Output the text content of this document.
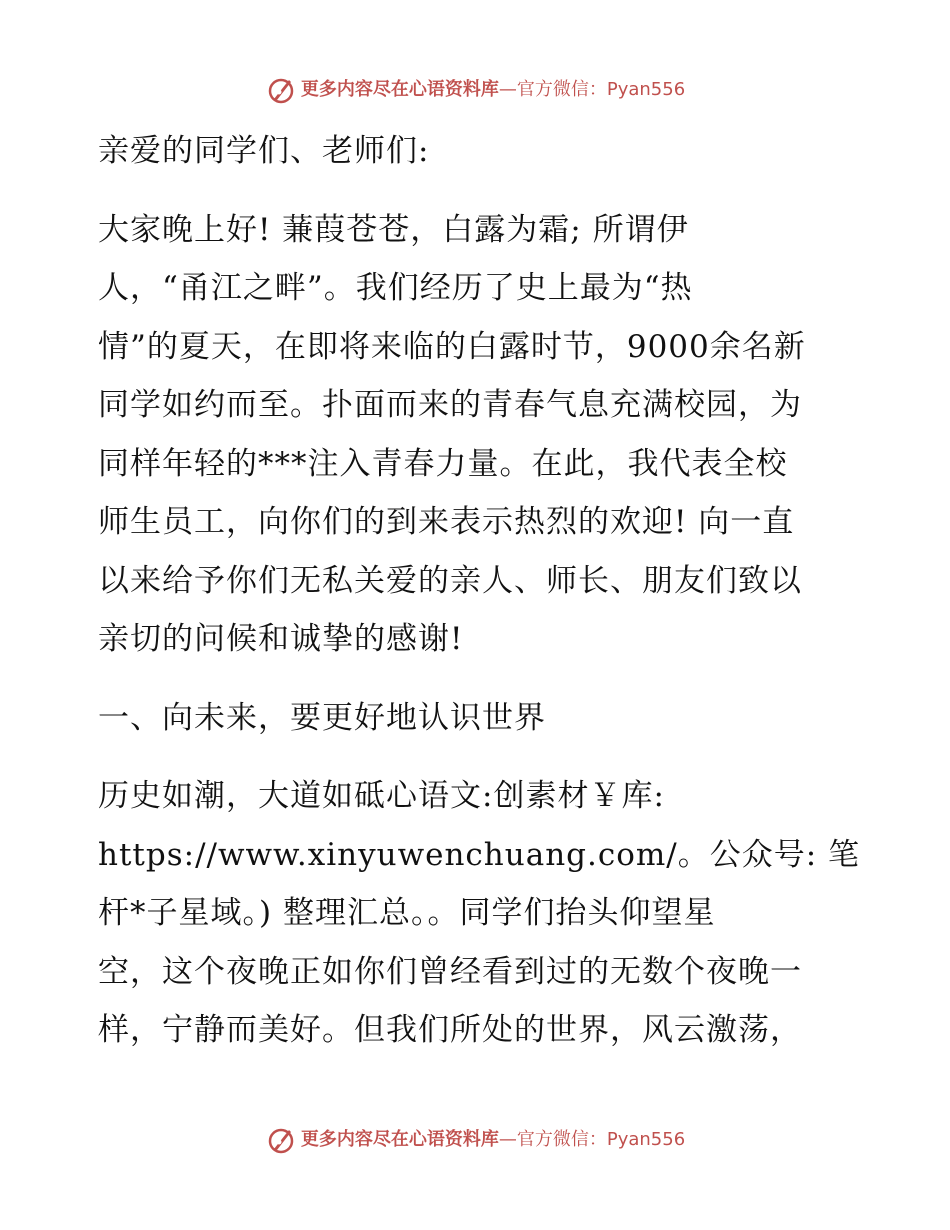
更多内容尽在心语资料库—官方微信：Pyan556
亲爱的同学们、老师们:
大家晚上好! 蒹葭苍苍，白露为霜; 所谓伊
人，“甬江之畔”。我们经历了史上最为“热
情”的夏天，在即将来临的白露时节，9000余名新
同学如约而至。扑面而来的青春气息充满校园，为
同样年轻的***注入青春力量。在此，我代表全校
师生员工，向你们的到来表示热烈的欢迎! 向一直
以来给予你们无私关爱的亲人、师长、朋友们致以
亲切的问候和诚挚的感谢!
一、向未来，要更好地认识世界
历史如潮，大道如砥心语文:创素材￥库:
https://www.xinyuwenchuang.com/。公众号: 笔
杆*子星域。) 整理汇总。。同学们抬头仰望星
空，这个夜晚正如你们曾经看到过的无数个夜晚一
样，宁静而美好。但我们所处的世界，风云激荡，
更多内容尽在心语资料库—官方微信：Pyan556
